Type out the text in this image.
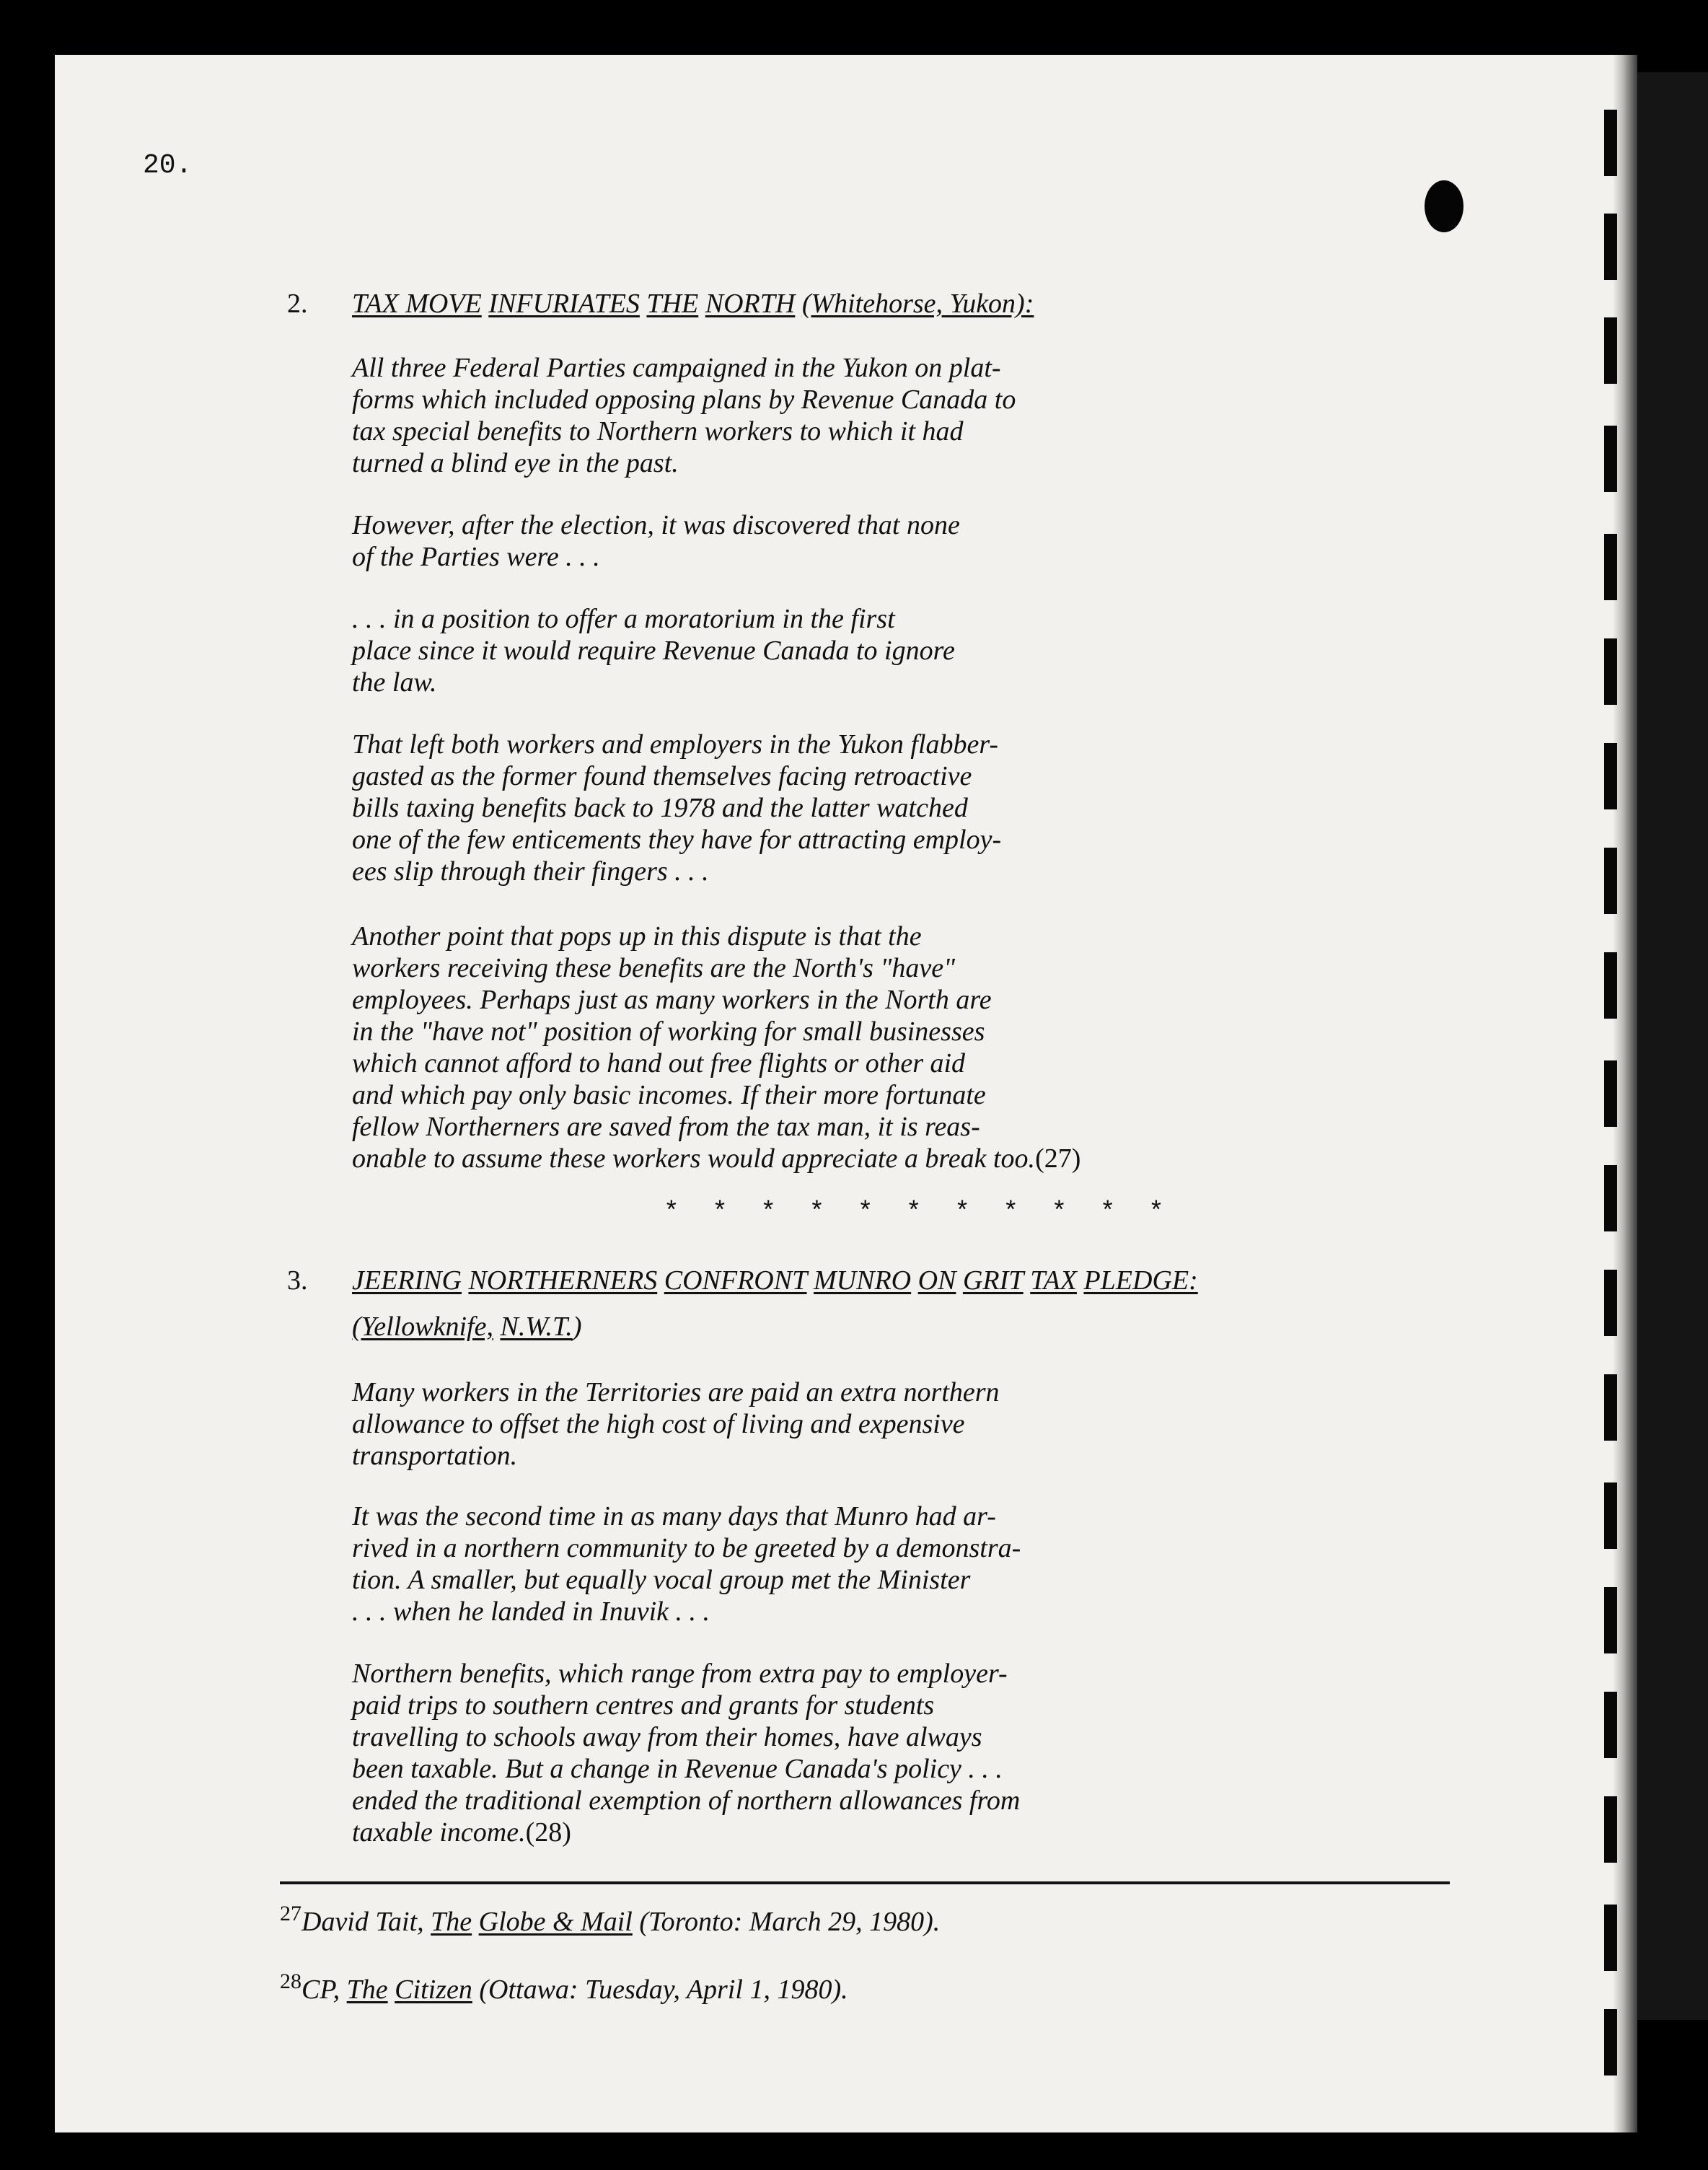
20.

2. TAX MOVE INFURIATES THE NORTH (Whitehorse, Yukon):

All three Federal Parties campaigned in the Yukon on plat-
forms which included opposing plans by Revenue Canada to
tax special benefits to Northern workers to which it had
turned a blind eye in the past.

However, after the election, it was discovered that none
of the Parties were . . .

. . . in a position to offer a moratorium in the first
place since it would require Revenue Canada to ignore
the law.

That left both workers and employers in the Yukon flabber-
gasted as the former found themselves facing retroactive
bills taxing benefits back to 1978 and the latter watched
one of the few enticements they have for attracting employ-
ees slip through their fingers . . .

Another point that pops up in this dispute is that the
workers receiving these benefits are the North's "have"
employees. Perhaps just as many workers in the North are
in the "have not" position of working for small businesses
which cannot afford to hand out free flights or other aid
and which pay only basic incomes. If their more fortunate
fellow Northerners are saved from the tax man, it is reas-
onable to assume these workers would appreciate a break too.(27)
* * * * * * * * * * *

3. JEERING NORTHERNERS CONFRONT MUNRO ON GRIT TAX PLEDGE:

(Yellowknife, N.W.T.)

Many workers in the Territories are paid an extra northern
allowance to offset the high cost of living and expensive
transportation.

It was the second time in as many days that Munro had ar-
rived in a northern community to be greeted by a demonstra-
tion. A smaller, but equally vocal group met the Minister
. . . when he landed in Inuvik . . .

Northern benefits, which range from extra pay to employer-
paid trips to southern centres and grants for students
travelling to schools away from their homes, have always
been taxable. But a change in Revenue Canada's policy . . .
ended the traditional exemption of northern allowances from
taxable income.(28)
$^{27}$David Tait, The Globe & Mail (Toronto: March 29, 1980).
$^{28}$CP, The Citizen (Ottawa: Tuesday, April 1, 1980).
